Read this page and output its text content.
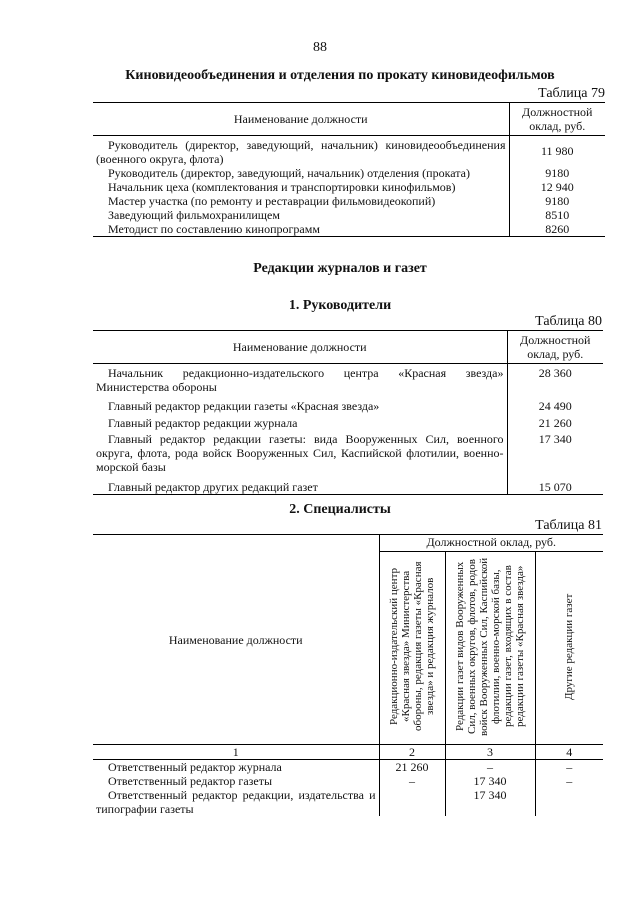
88
Киновидеообъединения и отделения по прокату киновидеофильмов
Таблица 79
Наименование должности	Должностной оклад, руб.
Руководитель (директор, заведующий, начальник) киновидеообъединения (военного округа, флота)	11 980
Руководитель (директор, заведующий, начальник) отделения (проката)	9180
Начальник цеха (комплектования и транспортировки кинофильмов)	12 940
Мастер участка (по ремонту и реставрации фильмовидеокопий)	9180
Заведующий фильмохранилищем	8510
Методист по составлению кинопрограмм	8260
Редакции журналов и газет
1. Руководители
Таблица 80
Наименование должности	Должностной оклад, руб.
Начальник редакционно-издательского центра «Красная звезда» Министерства обороны	28 360
Главный редактор редакции газеты «Красная звезда»	24 490
Главный редактор редакции журнала	21 260
Главный редактор редакции газеты: вида Вооруженных Сил, военного округа, флота, рода войск Вооруженных Сил, Каспийской флотилии, военно-морской базы	17 340
Главный редактор других редакций газет	15 070
2. Специалисты
Таблица 81
Наименование должности	Должностной оклад, руб.		
	Редакционно-издательский центр «Красная звезда» Министерства обороны, редакция газеты «Красная звезда» и редакция журналов	Редакции газет видов Вооруженных Сил, военных округов, флотов, родов войск Вооруженных Сил, Каспийской флотилии, военно-морской базы, редакции газет, входящих в состав редакции газеты «Красная звезда»	Другие редакции газет
1	2	3	4
Ответственный редактор журнала	21 260	–	–
Ответственный редактор газеты	–	17 340	–
Ответственный редактор редакции, издательства и типографии газеты		17 340	
